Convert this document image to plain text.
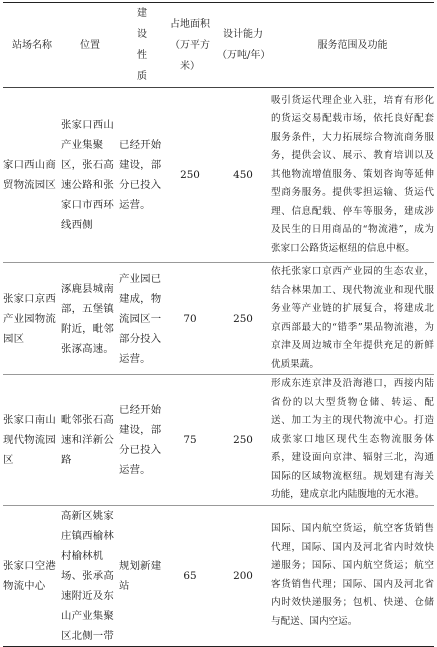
站场名称	位置	建设性质	占地面积（万平方米）	设计能力（万吨/年）	服务范围及功能
家口西山商贸物流园区	张家口西山产业集聚区，张石高速公路和张家口市西环线西侧	已经开始建设，部分已投入运营。	250	450	吸引货运代理企业入驻，培育有形化的货运交易配载市场，依托良好配套服务条件，大力拓展综合物流商务服务，提供会议、展示、教育培训以及其他物流增值服务、策划咨询等延伸型商务服务。提供零担运输、货运代理、信息配载、停车等服务，建成涉及民生的日用商品的“物流港”，成为张家口公路货运枢纽的信息中枢。
张家口京西产业园物流园区	涿鹿县城南部，五堡镇附近，毗邻张涿高速。	产业园已建成，物流园区一部分投入运营。	70	250	依托张家口京西产业园的生态农业，结合林果加工、现代物流业和现代服务业等产业链的扩展复合，将建成北京西部最大的“错季”果品物流港，为京津及周边城市全年提供充足的新鲜优质果蔬。
张家口南山现代物流园区	毗邻张石高速和洋新公路	已经开始建设，部分已投入运营。	75	250	形成东连京津及沿海港口，西接内陆省份的以大型货物仓储、转运、配送、加工为主的现代物流中心。打造成张家口地区现代生态物流服务体系，建设面向京津、辐射三北，沟通国际的区域物流枢纽。规划建有海关功能，建成京北内陆腹地的无水港。
张家口空港物流中心	高新区姚家庄镇西榆林村榆林机场、张承高速附近及东山产业集聚区北侧一带	规划新建站	65	200	国际、国内航空货运，航空客货销售代理，国际、国内及河北省内时效快递服务；国际、国内航空货运；航空客货销售代理；国际、国内及河北省内时效快递服务；包机、快递、仓储与配送、国内空运。
